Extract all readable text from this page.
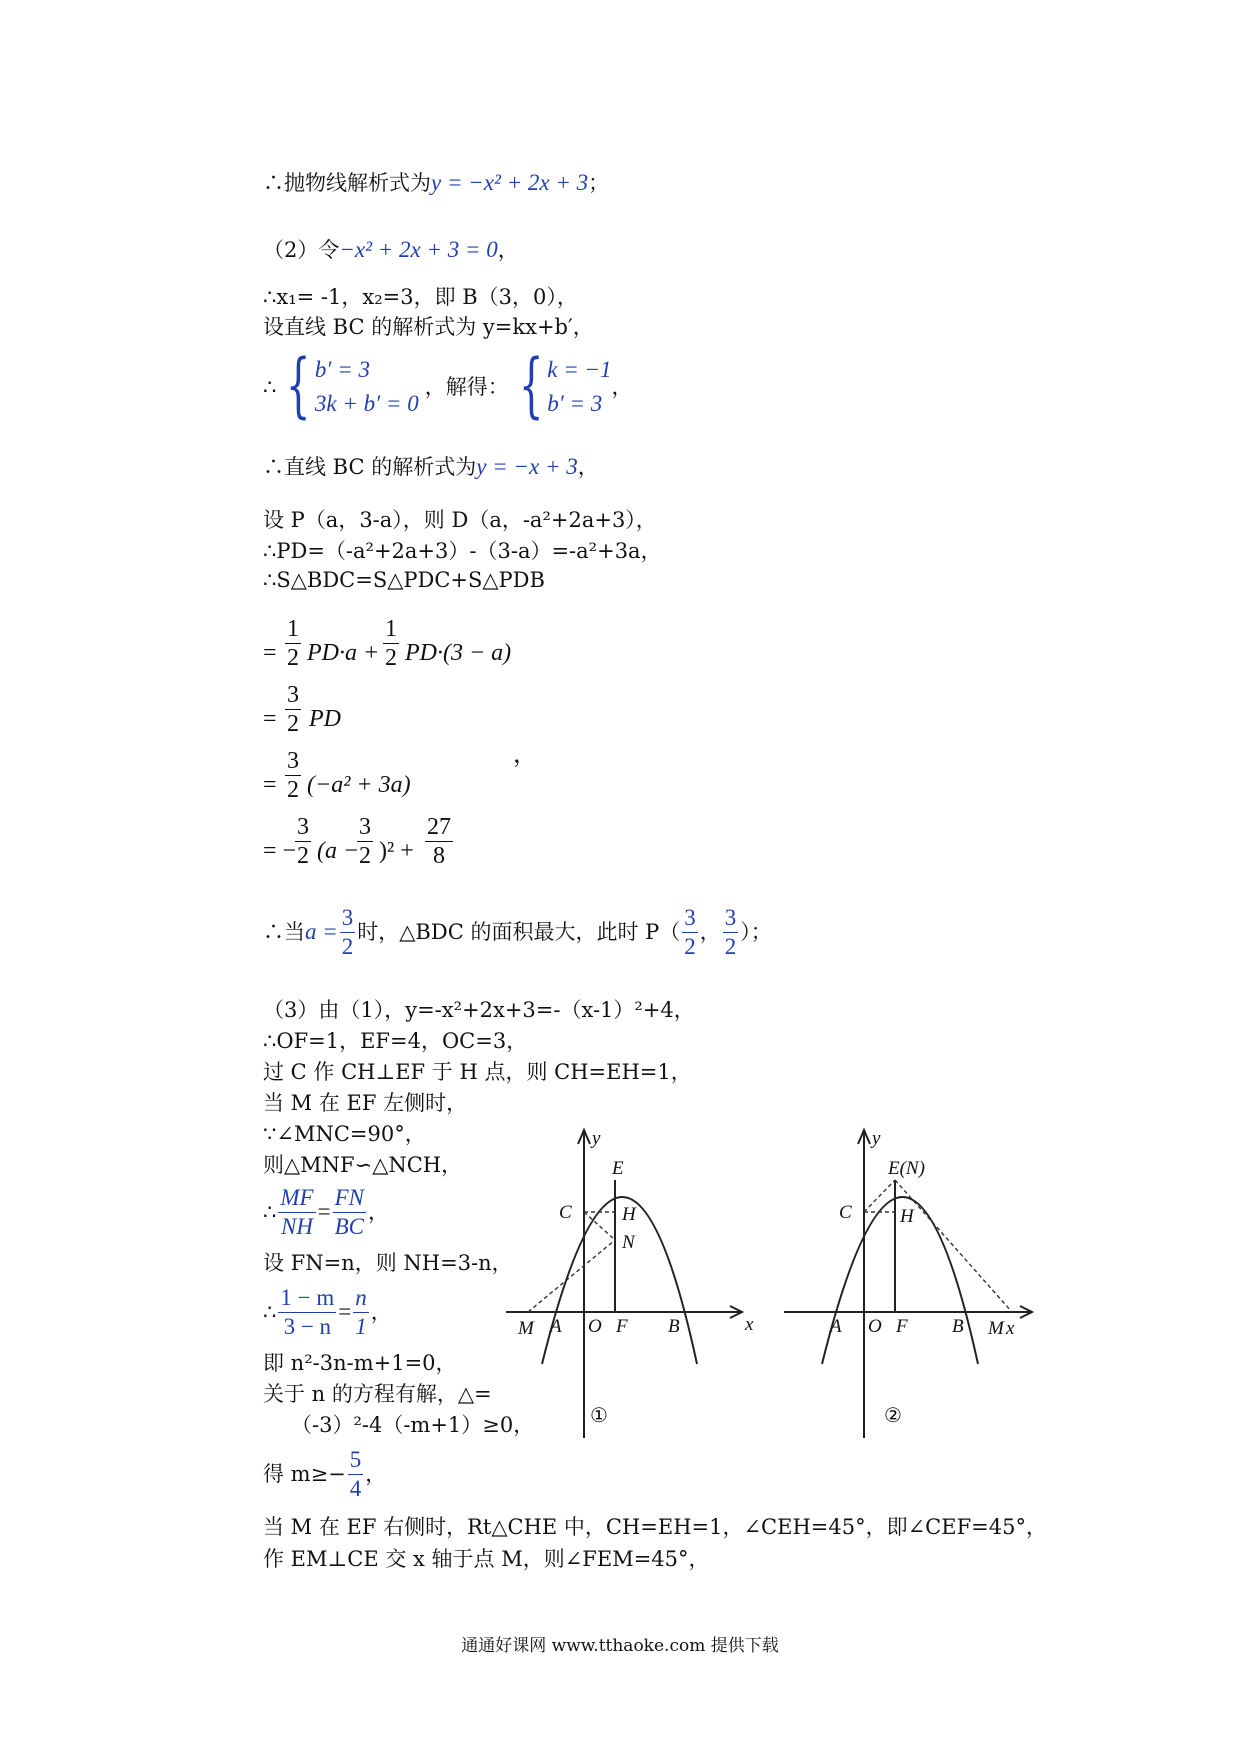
∴抛物线解析式为y = −x² + 2x + 3；
（2）令−x² + 2x + 3 = 0，
∴x₁= -1，x₂=3，即 B（3，0），
设直线 BC 的解析式为 y=kx+b′，
∴ { b′ = 3
3k + b′ = 0
，解得： { k = −1
b′ = 3
，
∴直线 BC 的解析式为y = −x + 3，
设 P（a，3-a），则 D（a，-a²+2a+3），
∴PD=（-a²+2a+3）-（3-a）=-a²+3a，
∴S△BDC=S△PDC+S△PDB
= $\frac{1}{2} PD\cdot a + \frac{1}{2} PD\cdot(3 - a)$
= $\frac{3}{2}$ PD
，
= $\frac{3}{2} (-a^2 + 3a)$
= −
$\frac{3}{2} (a$ −
$\frac{3}{2} )^2 + \frac{27}{8}$
∴当 $a = \frac{3}{2}$ 时，△BDC 的面积最大，此时 $P( \frac{3}{2}$ ， $\frac{3}{2}$ ）；
（3）由（1），y=-x²+2x+3=-（x-1）²+4，
∴OF=1，EF=4，OC=3，
过 C 作 CH⊥EF 于 H 点，则 CH=EH=1，
当 M 在 EF 左侧时，
∵∠MNC=90°，
则△MNF∽△NCH，
∴ $\frac{MF}{NH} = \frac{FN}{BC}$ ，
设 FN=n，则 NH=3-n，
∴ $\frac{1 - m}{3 - n} = \frac{n}{1}$ ，
即 n²-3n-m+1=0，
关于 n 的方程有解，△=
（-3）²-4（-m+1）≥0，
得 $m\ge- \frac{5}{4}$ ，
当 M 在 EF 右侧时，Rt△CHE 中，CH=EH=1，∠CEH=45°，即∠CEF=45°，
作 EM⊥CE 交 x 轴于点 M，则∠FEM=45°，
y
x
E
C	H
N
M A O F B
①
y
x
E(N)
C	H
M
A O F B
②
通通好课网 www.tthaoke.com 提供下载
